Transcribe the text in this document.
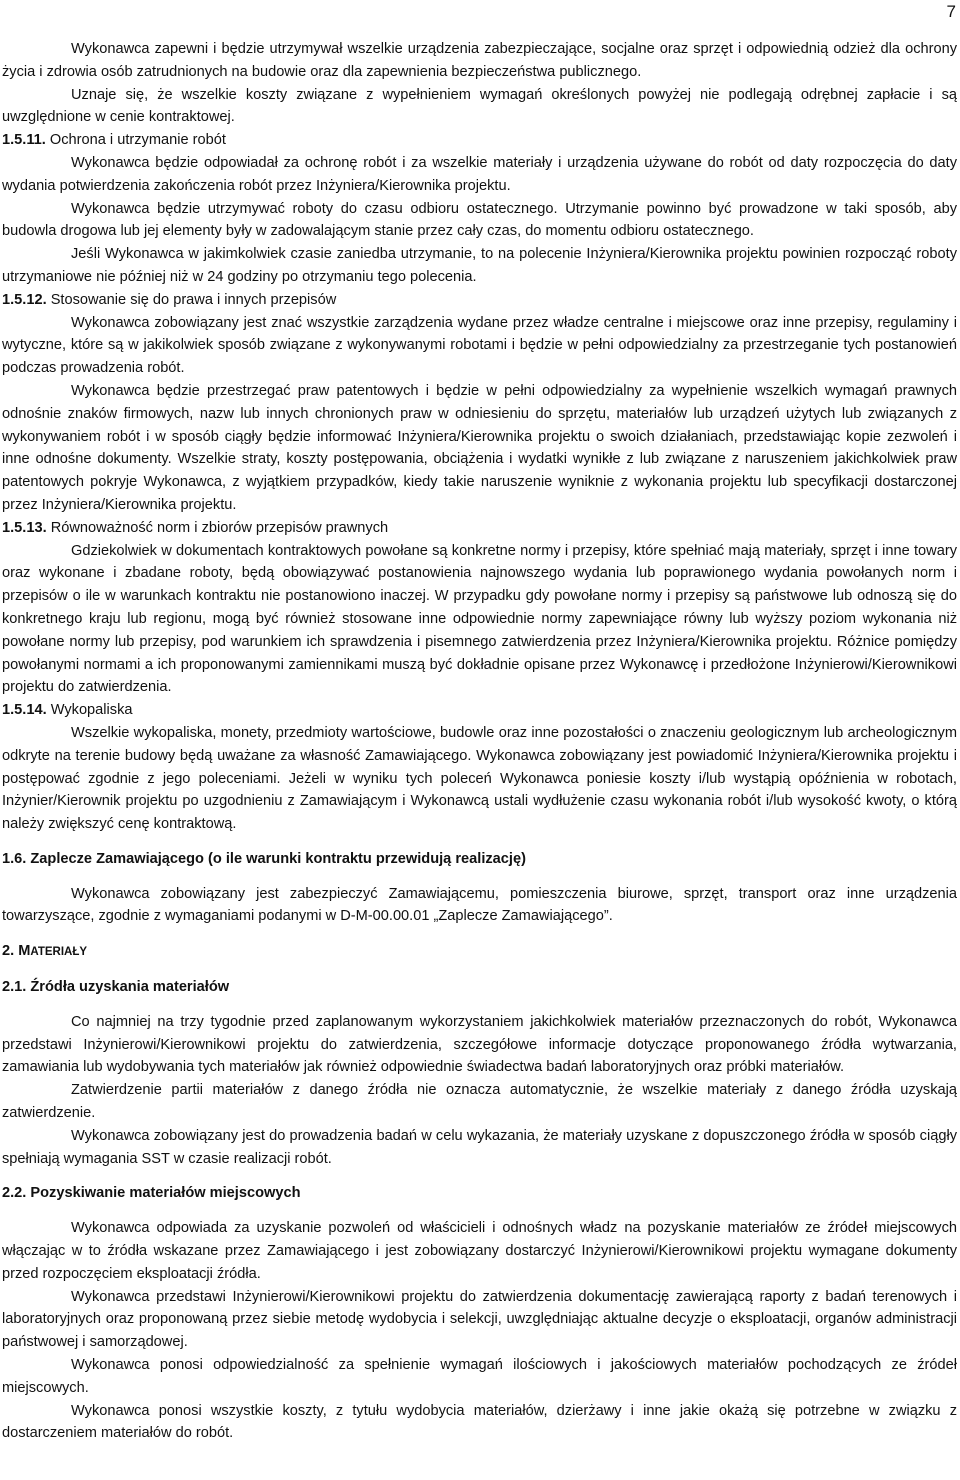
7

Wykonawca zapewni i będzie utrzymywał wszelkie urządzenia zabezpieczające, socjalne oraz sprzęt i odpowiednią odzież dla ochrony życia i zdrowia osób zatrudnionych na budowie oraz dla zapewnienia bezpieczeństwa publicznego.

Uznaje się, że wszelkie koszty związane z wypełnieniem wymagań określonych powyżej nie podlegają odrębnej zapłacie i są uwzględnione w cenie kontraktowej.

1.5.11. Ochrona i utrzymanie robót

Wykonawca będzie odpowiadał za ochronę robót i za wszelkie materiały i urządzenia używane do robót od daty rozpoczęcia do daty wydania potwierdzenia zakończenia robót przez Inżyniera/Kierownika projektu.

Wykonawca będzie utrzymywać roboty do czasu odbioru ostatecznego. Utrzymanie powinno być prowadzone w taki sposób, aby budowla drogowa lub jej elementy były w zadowalającym stanie przez cały czas, do momentu odbioru ostatecznego.

Jeśli Wykonawca w jakimkolwiek czasie zaniedba utrzymanie, to na polecenie Inżyniera/Kierownika projektu powinien rozpocząć roboty utrzymaniowe nie później niż w 24 godziny po otrzymaniu tego polecenia.

1.5.12. Stosowanie się do prawa i innych przepisów

Wykonawca zobowiązany jest znać wszystkie zarządzenia wydane przez władze centralne i miejscowe oraz inne przepisy, regulaminy i wytyczne, które są w jakikolwiek sposób związane z wykonywanymi robotami i będzie w pełni odpowiedzialny za przestrzeganie tych postanowień podczas prowadzenia robót.

Wykonawca będzie przestrzegać praw patentowych i będzie w pełni odpowiedzialny za wypełnienie wszelkich wymagań prawnych odnośnie znaków firmowych, nazw lub innych chronionych praw w odniesieniu do sprzętu, materiałów lub urządzeń użytych lub związanych z wykonywaniem robót i w sposób ciągły będzie informować Inżyniera/Kierownika projektu o swoich działaniach, przedstawiając kopie zezwoleń i inne odnośne dokumenty. Wszelkie straty, koszty postępowania, obciążenia i wydatki wynikłe z lub związane z naruszeniem jakichkolwiek praw patentowych pokryje Wykonawca, z wyjątkiem przypadków, kiedy takie naruszenie wyniknie z wykonania projektu lub specyfikacji dostarczonej przez Inżyniera/Kierownika projektu.

1.5.13. Równoważność norm i zbiorów przepisów prawnych

Gdziekolwiek w dokumentach kontraktowych powołane są konkretne normy i przepisy, które spełniać mają materiały, sprzęt i inne towary oraz wykonane i zbadane roboty, będą obowiązywać postanowienia najnowszego wydania lub poprawionego wydania powołanych norm i przepisów o ile w warunkach kontraktu nie postanowiono inaczej. W przypadku gdy powołane normy i przepisy są państwowe lub odnoszą się do konkretnego kraju lub regionu, mogą być również stosowane inne odpowiednie normy zapewniające równy lub wyższy poziom wykonania niż powołane normy lub przepisy, pod warunkiem ich sprawdzenia i pisemnego zatwierdzenia przez Inżyniera/Kierownika projektu. Różnice pomiędzy powołanymi normami a ich proponowanymi zamiennikami muszą być dokładnie opisane przez Wykonawcę i przedłożone Inżynierowi/Kierownikowi projektu do zatwierdzenia.

1.5.14. Wykopaliska

Wszelkie wykopaliska, monety, przedmioty wartościowe, budowle oraz inne pozostałości o znaczeniu geologicznym lub archeologicznym odkryte na terenie budowy będą uważane za własność Zamawiającego. Wykonawca zobowiązany jest powiadomić Inżyniera/Kierownika projektu i postępować zgodnie z jego poleceniami. Jeżeli w wyniku tych poleceń Wykonawca poniesie koszty i/lub wystąpią opóźnienia w robotach, Inżynier/Kierownik projektu po uzgodnieniu z Zamawiającym i Wykonawcą ustali wydłużenie czasu wykonania robót i/lub wysokość kwoty, o którą należy zwiększyć cenę kontraktową.

1.6. Zaplecze Zamawiającego (o ile warunki kontraktu przewidują realizację)

Wykonawca zobowiązany jest zabezpieczyć Zamawiającemu, pomieszczenia biurowe, sprzęt, transport oraz inne urządzenia towarzyszące, zgodnie z wymaganiami podanymi w D-M-00.00.01 „Zaplecze Zamawiającego”.

2. MATERIAŁY

2.1. Źródła uzyskania materiałów

Co najmniej na trzy tygodnie przed zaplanowanym wykorzystaniem jakichkolwiek materiałów przeznaczonych do robót, Wykonawca przedstawi Inżynierowi/Kierownikowi projektu do zatwierdzenia, szczegółowe informacje dotyczące proponowanego źródła wytwarzania, zamawiania lub wydobywania tych materiałów jak również odpowiednie świadectwa badań laboratoryjnych oraz próbki materiałów.

Zatwierdzenie partii materiałów z danego źródła nie oznacza automatycznie, że wszelkie materiały z danego źródła uzyskają zatwierdzenie.

Wykonawca zobowiązany jest do prowadzenia badań w celu wykazania, że materiały uzyskane z dopuszczonego źródła w sposób ciągły spełniają wymagania SST w czasie realizacji robót.

2.2. Pozyskiwanie materiałów miejscowych

Wykonawca odpowiada za uzyskanie pozwoleń od właścicieli i odnośnych władz na pozyskanie materiałów ze źródeł miejscowych włączając w to źródła wskazane przez Zamawiającego i jest zobowiązany dostarczyć Inżynierowi/Kierownikowi projektu wymagane dokumenty przed rozpoczęciem eksploatacji źródła.

Wykonawca przedstawi Inżynierowi/Kierownikowi projektu do zatwierdzenia dokumentację zawierającą raporty z badań terenowych i laboratoryjnych oraz proponowaną przez siebie metodę wydobycia i selekcji, uwzględniając aktualne decyzje o eksploatacji, organów administracji państwowej i samorządowej.

Wykonawca ponosi odpowiedzialność za spełnienie wymagań ilościowych i jakościowych materiałów pochodzących ze źródeł miejscowych.

Wykonawca ponosi wszystkie koszty, z tytułu wydobycia materiałów, dzierżawy i inne jakie okażą się potrzebne w związku z dostarczeniem materiałów do robót.
